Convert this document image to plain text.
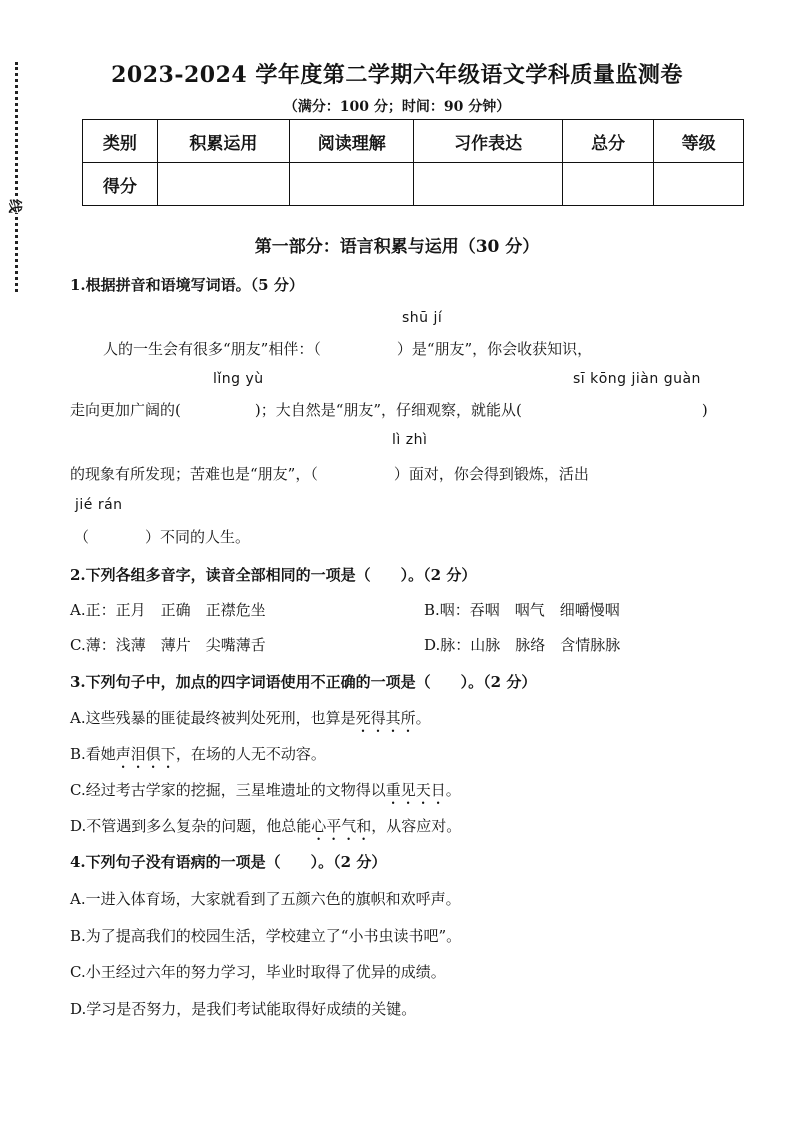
线
2023-2024 学年度第二学期六年级语文学科质量监测卷
（满分：100 分；时间：90 分钟）
类别	积累运用	阅读理解	习作表达	总分	等级
得分					
第一部分：语言积累与运用（30 分）
1.根据拼音和语境写词语。（5 分）
shū jí
人的一生会有很多“朋友”相伴：（	）是“朋友”，你会收获知识，
lǐng yù	sī kōng jiàn guàn
走向更加广阔的(	)；大自然是“朋友”，仔细观察，就能从(	)
lì zhì
的现象有所发现；苦难也是“朋友”，（	）面对，你会得到锻炼，活出
jié rán
（	）不同的人生。
2.下列各组多音字，读音全部相同的一项是（　　）。（2 分）
A.正：正月　正确　正襟危坐	B.咽：吞咽　咽气　细嚼慢咽
C.薄：浅薄　薄片　尖嘴薄舌	D.脉：山脉　脉络　含情脉脉
3.下列句子中，加点的四字词语使用不正确的一项是（　　）。（2 分）
A.这些残暴的匪徒最终被判处死刑，也算是死得其所。
B.看她声泪俱下，在场的人无不动容。
C.经过考古学家的挖掘，三星堆遗址的文物得以重见天日。
D.不管遇到多么复杂的问题，他总能心平气和，从容应对。
4.下列句子没有语病的一项是（　　）。（2 分）
A.一进入体育场，大家就看到了五颜六色的旗帜和欢呼声。
B.为了提高我们的校园生活，学校建立了“小书虫读书吧”。
C.小王经过六年的努力学习，毕业时取得了优异的成绩。
D.学习是否努力，是我们考试能取得好成绩的关键。
